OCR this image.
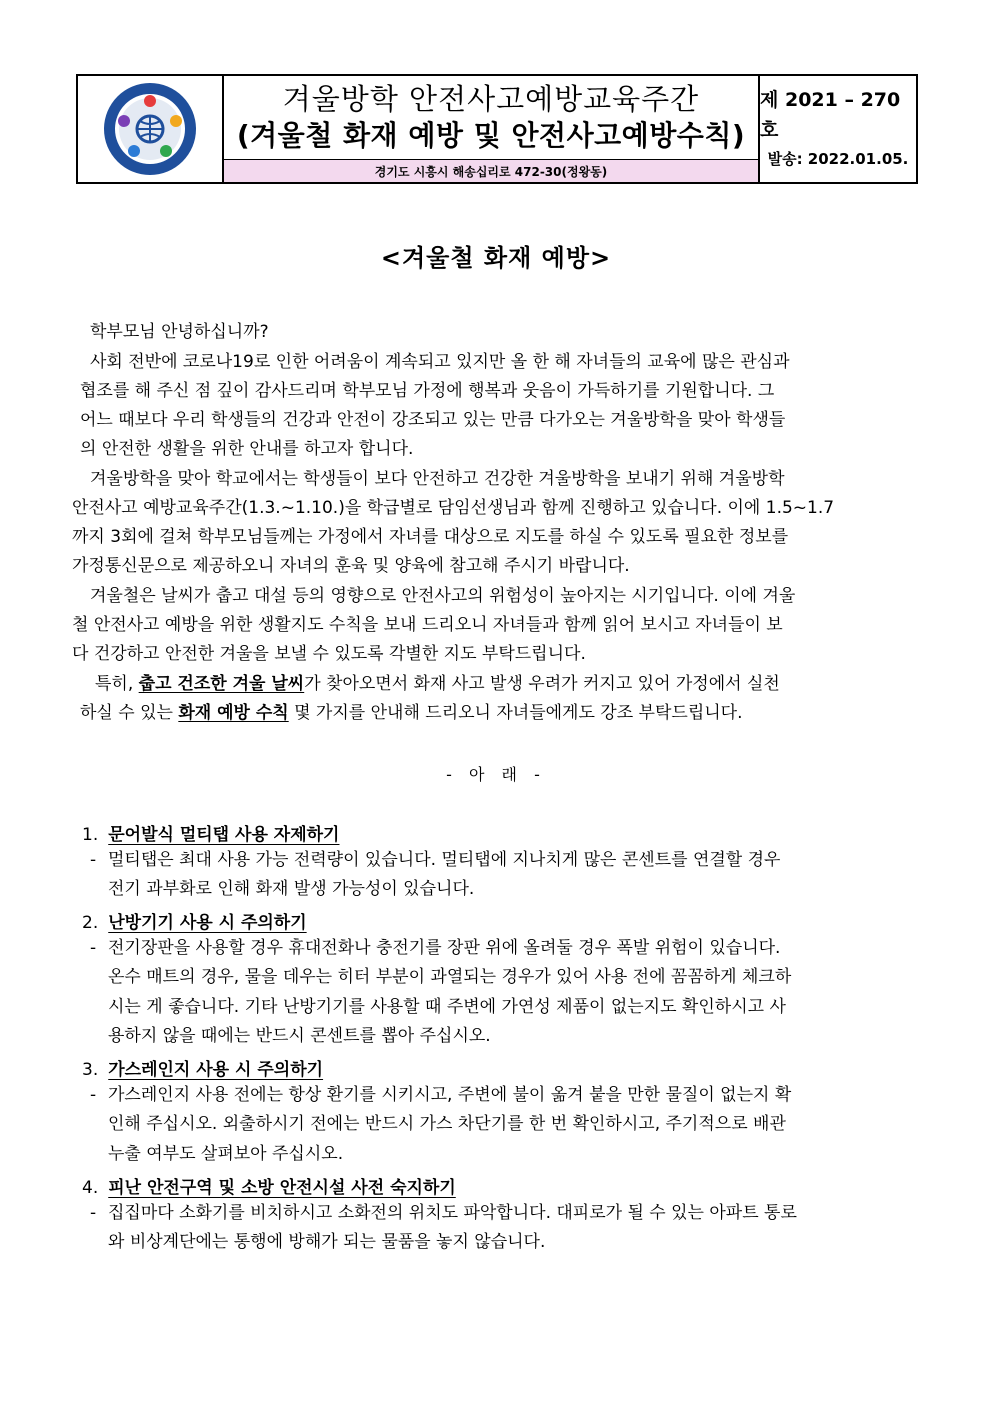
겨울방학 안전사고예방교육주간
(겨울철 화재 예방 및 안전사고예방수칙)
경기도 시흥시 해송십리로 472-30(정왕동)
제 2021 – 270호
발송: 2022.01.05.
<겨울철 화재 예방>
학부모님 안녕하십니까?
사회 전반에 코로나19로 인한 어려움이 계속되고 있지만 올 한 해 자녀들의 교육에 많은 관심과
협조를 해 주신 점 깊이 감사드리며 학부모님 가정에 행복과 웃음이 가득하기를 기원합니다. 그
어느 때보다 우리 학생들의 건강과 안전이 강조되고 있는 만큼 다가오는 겨울방학을 맞아 학생들
의 안전한 생활을 위한 안내를 하고자 합니다.
겨울방학을 맞아 학교에서는 학생들이 보다 안전하고 건강한 겨울방학을 보내기 위해 겨울방학
안전사고 예방교육주간(1.3.~1.10.)을 학급별로 담임선생님과 함께 진행하고 있습니다. 이에 1.5~1.7
까지 3회에 걸쳐 학부모님들께는 가정에서 자녀를 대상으로 지도를 하실 수 있도록 필요한 정보를
가정통신문으로 제공하오니 자녀의 훈육 및 양육에 참고해 주시기 바랍니다.
겨울철은 날씨가 춥고 대설 등의 영향으로 안전사고의 위험성이 높아지는 시기입니다. 이에 겨울
철 안전사고 예방을 위한 생활지도 수칙을 보내 드리오니 자녀들과 함께 읽어 보시고 자녀들이 보
다 건강하고 안전한 겨울을 보낼 수 있도록 각별한 지도 부탁드립니다.
특히, 춥고 건조한 겨울 날씨가 찾아오면서 화재 사고 발생 우려가 커지고 있어 가정에서 실천
하실 수 있는 화재 예방 수칙 몇 가지를 안내해 드리오니 자녀들에게도 강조 부탁드립니다.
- 아 래 -
1. 문어발식 멀티탭 사용 자제하기
- 멀티탭은 최대 사용 가능 전력량이 있습니다. 멀티탭에 지나치게 많은 콘센트를 연결할 경우
전기 과부화로 인해 화재 발생 가능성이 있습니다.
2. 난방기기 사용 시 주의하기
- 전기장판을 사용할 경우 휴대전화나 충전기를 장판 위에 올려둘 경우 폭발 위험이 있습니다.
온수 매트의 경우, 물을 데우는 히터 부분이 과열되는 경우가 있어 사용 전에 꼼꼼하게 체크하
시는 게 좋습니다. 기타 난방기기를 사용할 때 주변에 가연성 제품이 없는지도 확인하시고 사
용하지 않을 때에는 반드시 콘센트를 뽑아 주십시오.
3. 가스레인지 사용 시 주의하기
- 가스레인지 사용 전에는 항상 환기를 시키시고, 주변에 불이 옮겨 붙을 만한 물질이 없는지 확
인해 주십시오. 외출하시기 전에는 반드시 가스 차단기를 한 번 확인하시고, 주기적으로 배관
누출 여부도 살펴보아 주십시오.
4. 피난 안전구역 및 소방 안전시설 사전 숙지하기
- 집집마다 소화기를 비치하시고 소화전의 위치도 파악합니다. 대피로가 될 수 있는 아파트 통로
와 비상계단에는 통행에 방해가 되는 물품을 놓지 않습니다.
